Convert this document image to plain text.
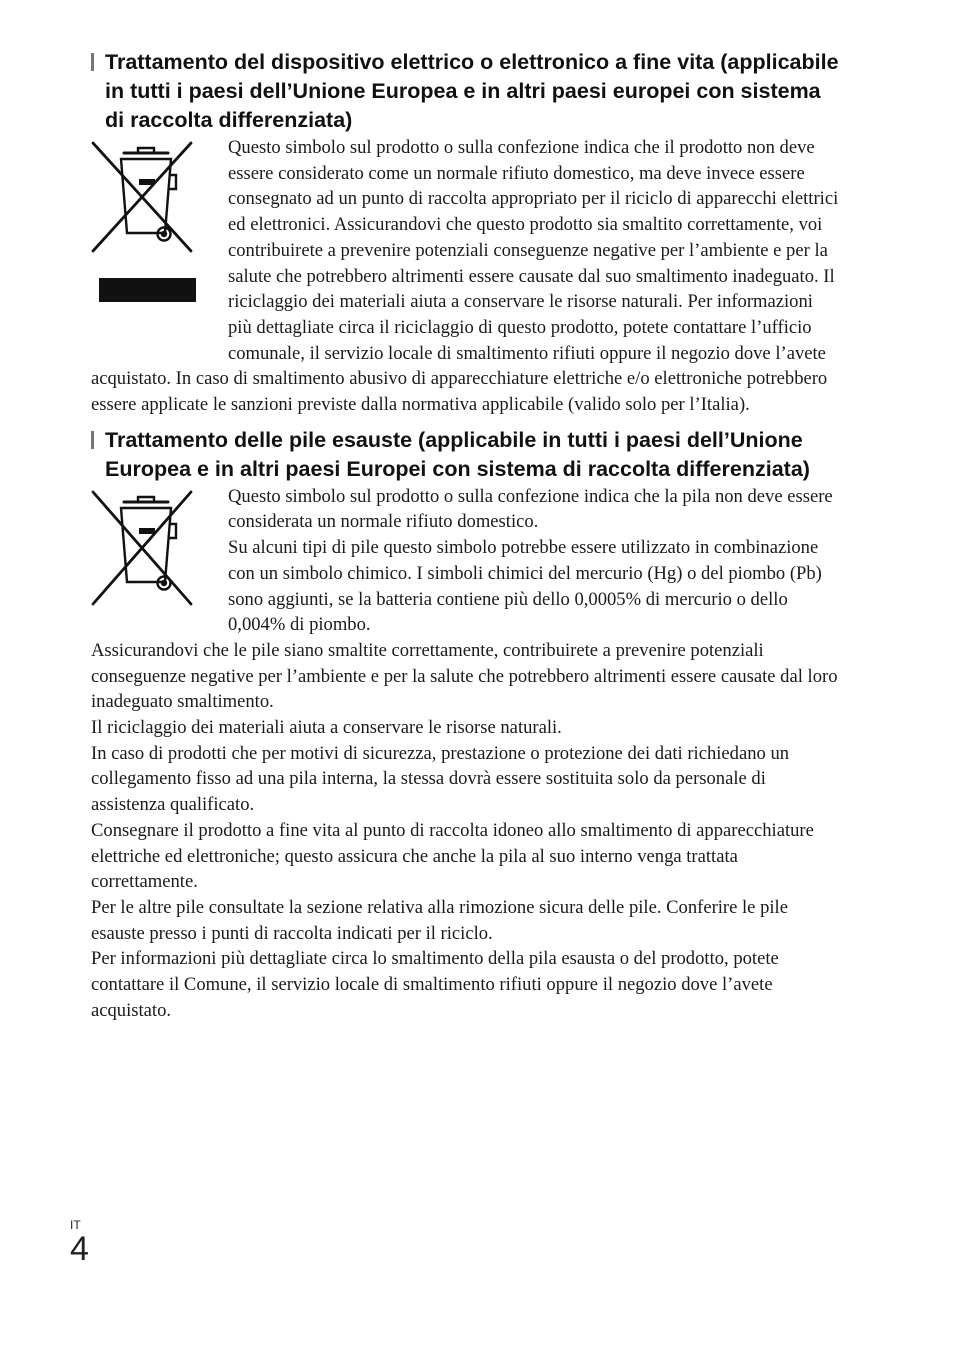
Trattamento del dispositivo elettrico o elettronico a fine vita (applicabile in tutti i paesi dell’Unione Europea e in altri paesi europei con sistema di raccolta differenziata)

Questo simbolo sul prodotto o sulla confezione indica che il prodotto non deve essere considerato come un normale rifiuto domestico, ma deve invece essere consegnato ad un punto di raccolta appropriato per il riciclo di apparecchi elettrici ed elettronici. Assicurandovi che questo prodotto sia smaltito correttamente, voi contribuirete a prevenire potenziali conseguenze negative per l’ambiente e per la salute che potrebbero altrimenti essere causate dal suo smaltimento inadeguato. Il riciclaggio dei materiali aiuta a conservare le risorse naturali. Per informazioni più dettagliate circa il riciclaggio di questo prodotto, potete contattare l’ufficio comunale, il servizio locale di smaltimento rifiuti oppure il negozio dove l’avete acquistato. In caso di smaltimento abusivo di apparecchiature elettriche e/o elettroniche potrebbero essere applicate le sanzioni previste dalla normativa applicabile (valido solo per l’Italia).

Trattamento delle pile esauste (applicabile in tutti i paesi dell’Unione Europea e in altri paesi Europei con sistema di raccolta differenziata)

Questo simbolo sul prodotto o sulla confezione indica che la pila non deve essere considerata un normale rifiuto domestico.

Su alcuni tipi di pile questo simbolo potrebbe essere utilizzato in combinazione con un simbolo chimico. I simboli chimici del mercurio (Hg) o del piombo (Pb) sono aggiunti, se la batteria contiene più dello 0,0005% di mercurio o dello 0,004% di piombo.

Assicurandovi che le pile siano smaltite correttamente, contribuirete a prevenire potenziali conseguenze negative per l’ambiente e per la salute che potrebbero altrimenti essere causate dal loro inadeguato smaltimento.

Il riciclaggio dei materiali aiuta a conservare le risorse naturali.

In caso di prodotti che per motivi di sicurezza, prestazione o protezione dei dati richiedano un collegamento fisso ad una pila interna, la stessa dovrà essere sostituita solo da personale di assistenza qualificato.

Consegnare il prodotto a fine vita al punto di raccolta idoneo allo smaltimento di apparecchiature elettriche ed elettroniche; questo assicura che anche la pila al suo interno venga trattata correttamente.

Per le altre pile consultate la sezione relativa alla rimozione sicura delle pile. Conferire le pile esauste presso i punti di raccolta indicati per il riciclo.

Per informazioni più dettagliate circa lo smaltimento della pila esausta o del prodotto, potete contattare il Comune, il servizio locale di smaltimento rifiuti oppure il negozio dove l’avete acquistato.

IT
4
